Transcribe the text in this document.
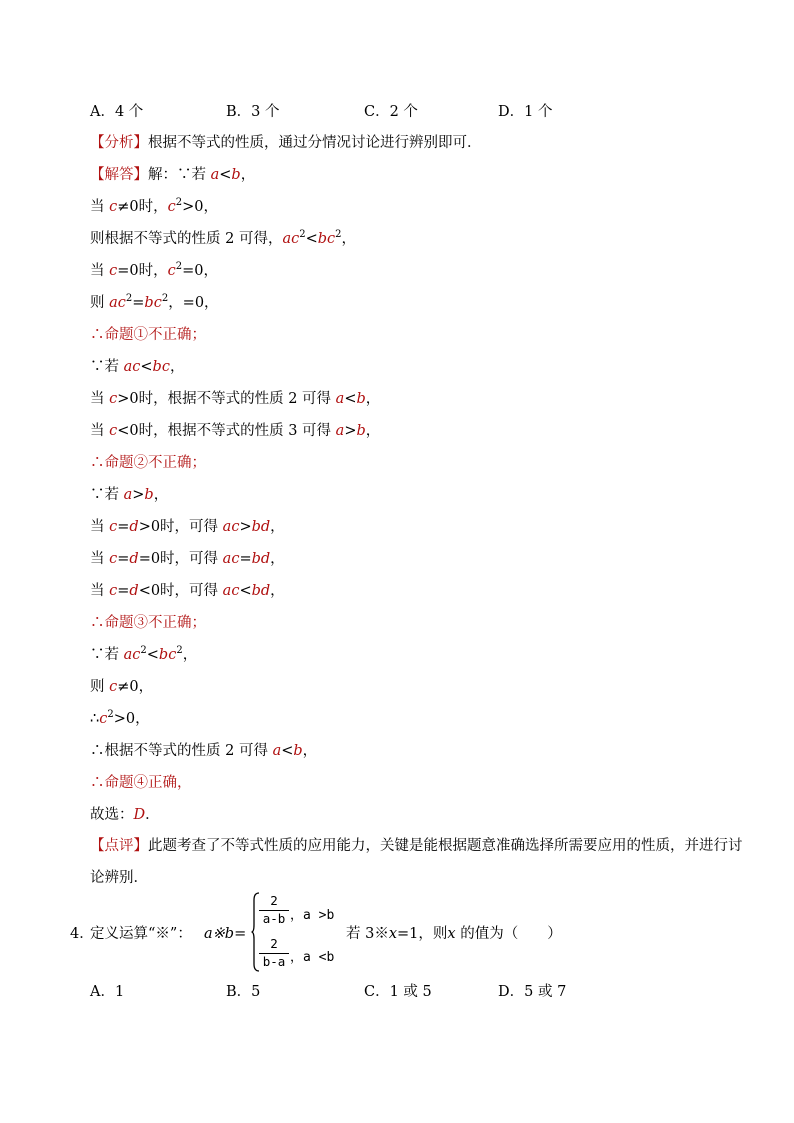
A．4 个	B．3 个	C．2 个	D．1 个
【分析】根据不等式的性质，通过分情况讨论进行辨别即可．
【解答】解：∵若 a<b，
当 c≠0时，$c^2>0$，
则根据不等式的性质 2 可得，$ac^2<bc^2$，
当 c=0时，$c^2=0$，
则 $ac^2=bc^2$，=0，
∴命题①不正确；
∵若 ac<bc，
当 c>0时，根据不等式的性质 2 可得 a<b，
当 c<0时，根据不等式的性质 3 可得 a>b，
∴命题②不正确；
∵若 a>b，
当 c=d>0时，可得 ac>bd，
当 c=d=0时，可得 ac=bd，
当 c=d<0时，可得 ac<bd，
∴命题③不正确；
∵若 $ac^2<bc^2$，
则 c≠0，
$\therefore c^2>0$，
∴根据不等式的性质 2 可得 a<b，
∴命题④正确，
故选：D．
【点评】此题考查了不等式性质的应用能力，关键是能根据题意准确选择所需要应用的性质，并进行讨
论辨别．
4．
定义运算“※”： a※b=
2
a-b ，a >b
2
b-a ，a <b
若 3※x=1，则x 的值为（　　）
A．1	B．5	C．1 或 5	D．5 或 7
